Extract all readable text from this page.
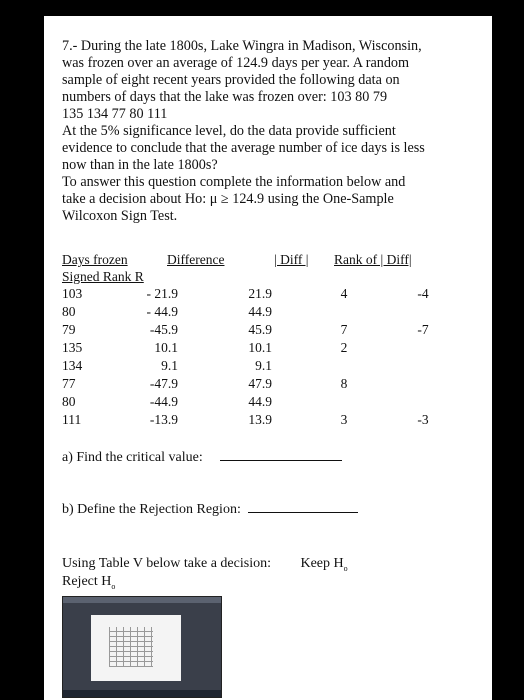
7.- During the late 1800s, Lake Wingra in Madison, Wisconsin,
was frozen over an average of 124.9 days per year. A random
sample of eight recent years provided the following data on
numbers of days that the lake was frozen over: 103 80 79
135 134 77 80 111
At the 5% significance level, do the data provide sufficient
evidence to conclude that the average number of ice days is less
now than in the late 1800s?
To answer this question complete the information below and
take a decision about Ho: μ ≥ 124.9 using the One-Sample
Wilcoxon Sign Test.
Days frozen	Difference	| Diff | Rank of | Diff|
Signed Rank R
103	- 21.9	21.9	4	-4
80	- 44.9	44.9
79	-45.9	45.9	7	-7
135	10.1	10.1	2
134	9.1	9.1
77	-47.9	47.9	8
80	-44.9	44.9
111	-13.9	13.9	3	-3
a) Find the critical value:
b) Define the Rejection Region:
Using Table V below take a decision: Keep $H_o$
Reject $H_o$
